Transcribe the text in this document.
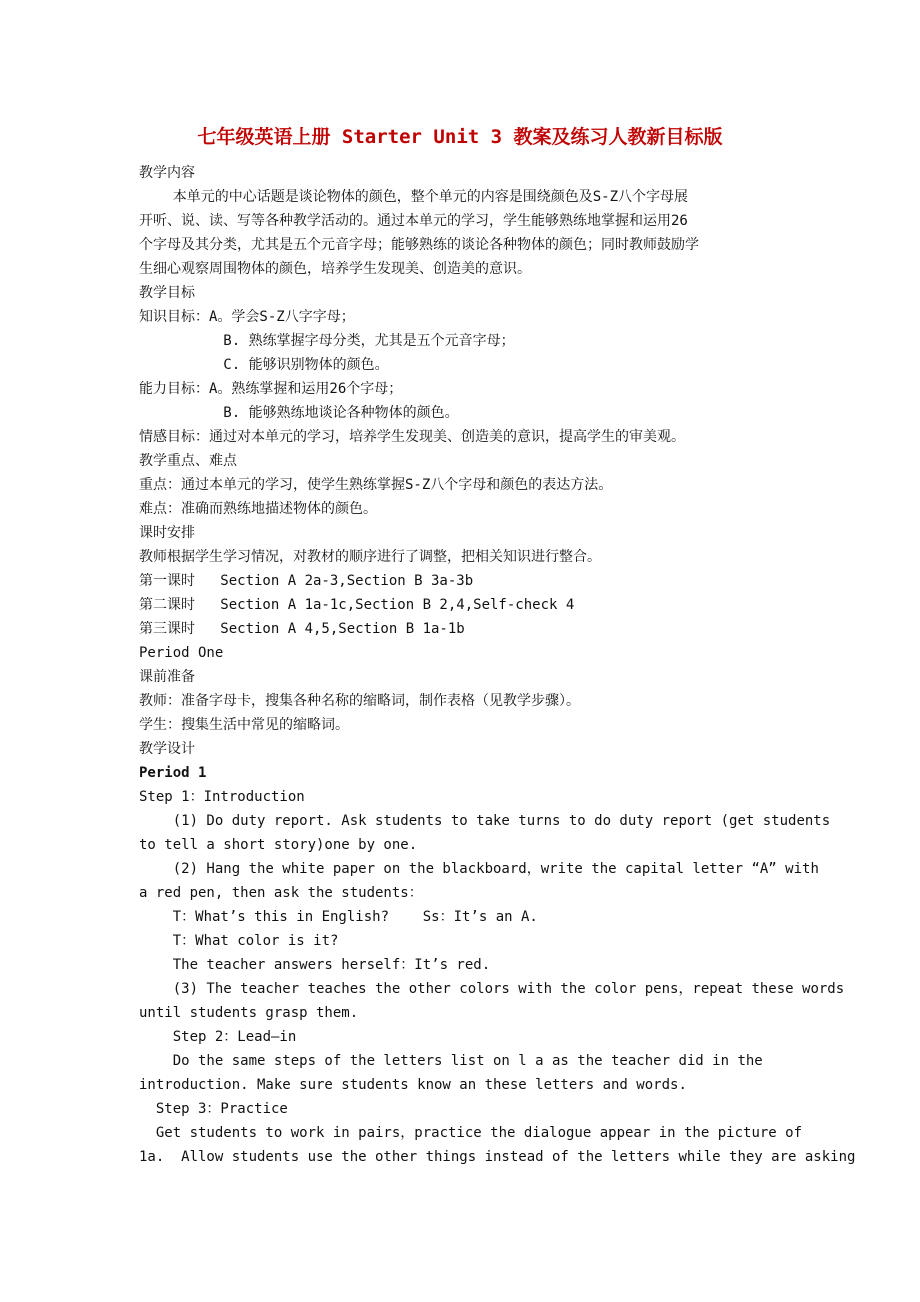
七年级英语上册 Starter Unit 3 教案及练习人教新目标版
教学内容
本单元的中心话题是谈论物体的颜色，整个单元的内容是围绕颜色及S-Z八个字母展
开听、说、读、写等各种教学活动的。通过本单元的学习，学生能够熟练地掌握和运用26
个字母及其分类，尤其是五个元音字母；能够熟练的谈论各种物体的颜色；同时教师鼓励学
生细心观察周围物体的颜色，培养学生发现美、创造美的意识。
教学目标
知识目标：A。学会S-Z八字字母；
B. 熟练掌握字母分类，尤其是五个元音字母；
C. 能够识别物体的颜色。
能力目标：A。熟练掌握和运用26个字母；
B. 能够熟练地谈论各种物体的颜色。
情感目标：通过对本单元的学习，培养学生发现美、创造美的意识，提高学生的审美观。
教学重点、难点
重点：通过本单元的学习，使学生熟练掌握S-Z八个字母和颜色的表达方法。
难点：准确而熟练地描述物体的颜色。
课时安排
教师根据学生学习情况，对教材的顺序进行了调整，把相关知识进行整合。
第一课时   Section A 2a-3,Section B 3a-3b
第二课时   Section A 1a-1c,Section B 2,4,Self-check 4
第三课时   Section A 4,5,Section B 1a-1b
Period One
课前准备
教师：准备字母卡，搜集各种名称的缩略词，制作表格（见教学步骤）。
学生：搜集生活中常见的缩略词。
教学设计
Period 1
Step 1：Introduction
(1) Do duty report. Ask students to take turns to do duty report (get students
to tell a short story)one by one.
(2) Hang the white paper on the blackboard，write the capital letter “A” with
a red pen, then ask the students：
T：What’s this in English?    Ss：It’s an A.
T：What color is it?
The teacher answers herself：It’s red.
(3) The teacher teaches the other colors with the color pens，repeat these words
until students grasp them.
Step 2：Lead—in
Do the same steps of the letters list on l a as the teacher did in the
introduction. Make sure students know an these letters and words.
Step 3：Practice
Get students to work in pairs，practice the dialogue appear in the picture of
1a.  Allow students use the other things instead of the letters while they are asking
